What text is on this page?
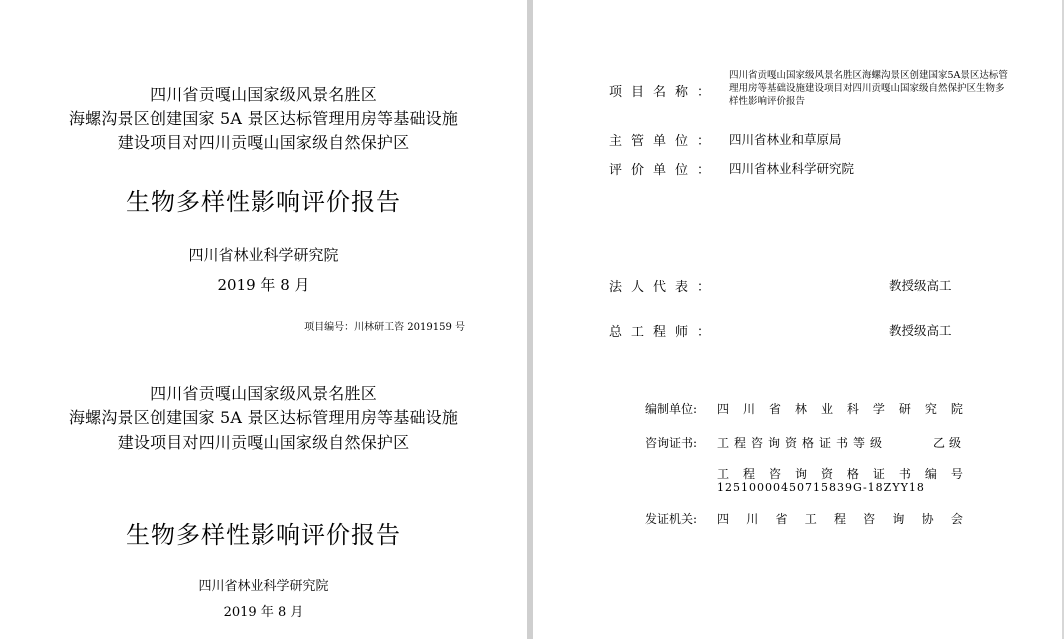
四川省贡嘎山国家级风景名胜区
海螺沟景区创建国家 5A 景区达标管理用房等基础设施
建设项目对四川贡嘎山国家级自然保护区
生物多样性影响评价报告
四川省林业科学研究院
2019 年 8 月
项目编号：川林研工咨 2019159 号
四川省贡嘎山国家级风景名胜区
海螺沟景区创建国家 5A 景区达标管理用房等基础设施
建设项目对四川贡嘎山国家级自然保护区
生物多样性影响评价报告
四川省林业科学研究院
2019 年 8 月
项目名称：
四川省贡嘎山国家级风景名胜区海螺沟景区创建国家5A景区达标管理用房等基础设施建设项目对四川贡嘎山国家级自然保护区生物多样性影响评价报告
主管单位： 四川省林业和草原局
评价单位： 四川省林业科学研究院
法人代表：	教授级高工
总工程师：	教授级高工
编制单位: 四 川 省 林 业 科 学 研 究 院
咨询证书: 工程咨询资格证书等级	乙级
工 程 咨 询 资 格 证 书 编 号
12510000450715839G-18ZYY18
发证机关: 四 川 省 工 程 咨 询 协 会
